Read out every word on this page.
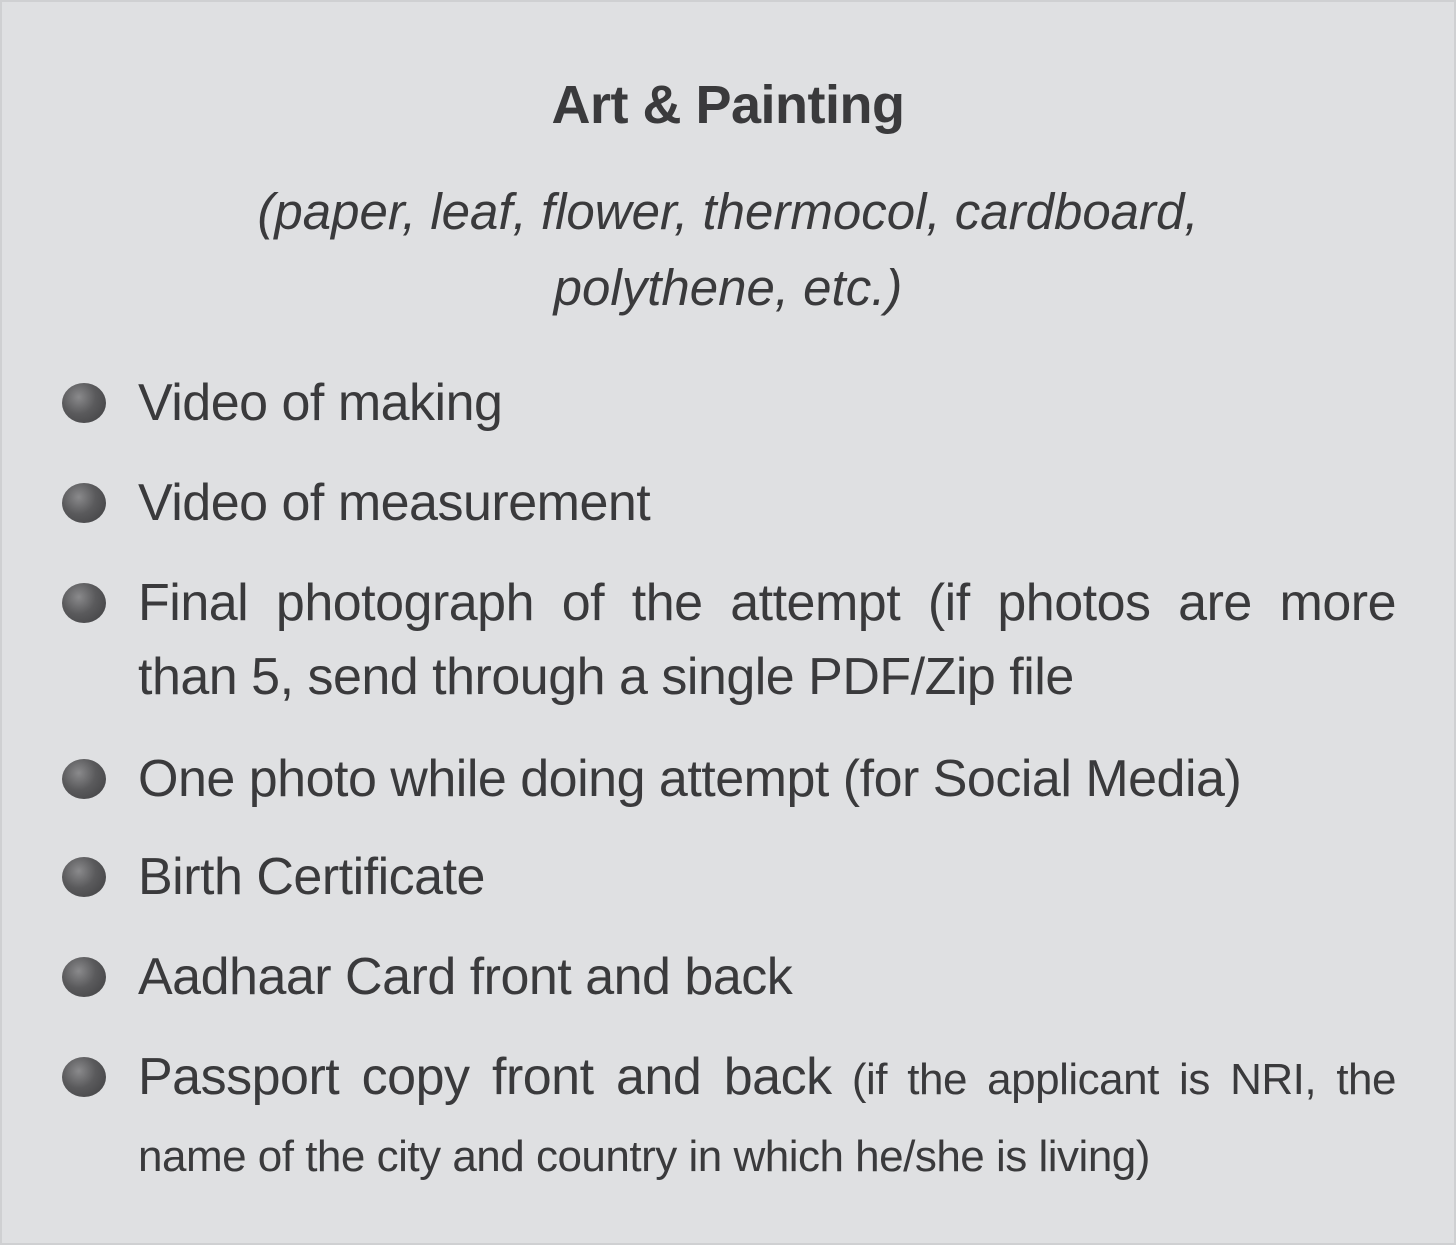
Art & Painting
(paper, leaf, flower, thermocol, cardboard,
polythene, etc.)
Video of making
Video of measurement
Final photograph of the attempt (if photos are more than 5, send through a single PDF/Zip file
One photo while doing attempt (for Social Media)
Birth Certificate
Aadhaar Card front and back
Passport copy front and back (if the applicant is NRI, the name of the city and country in which he/she is living)
